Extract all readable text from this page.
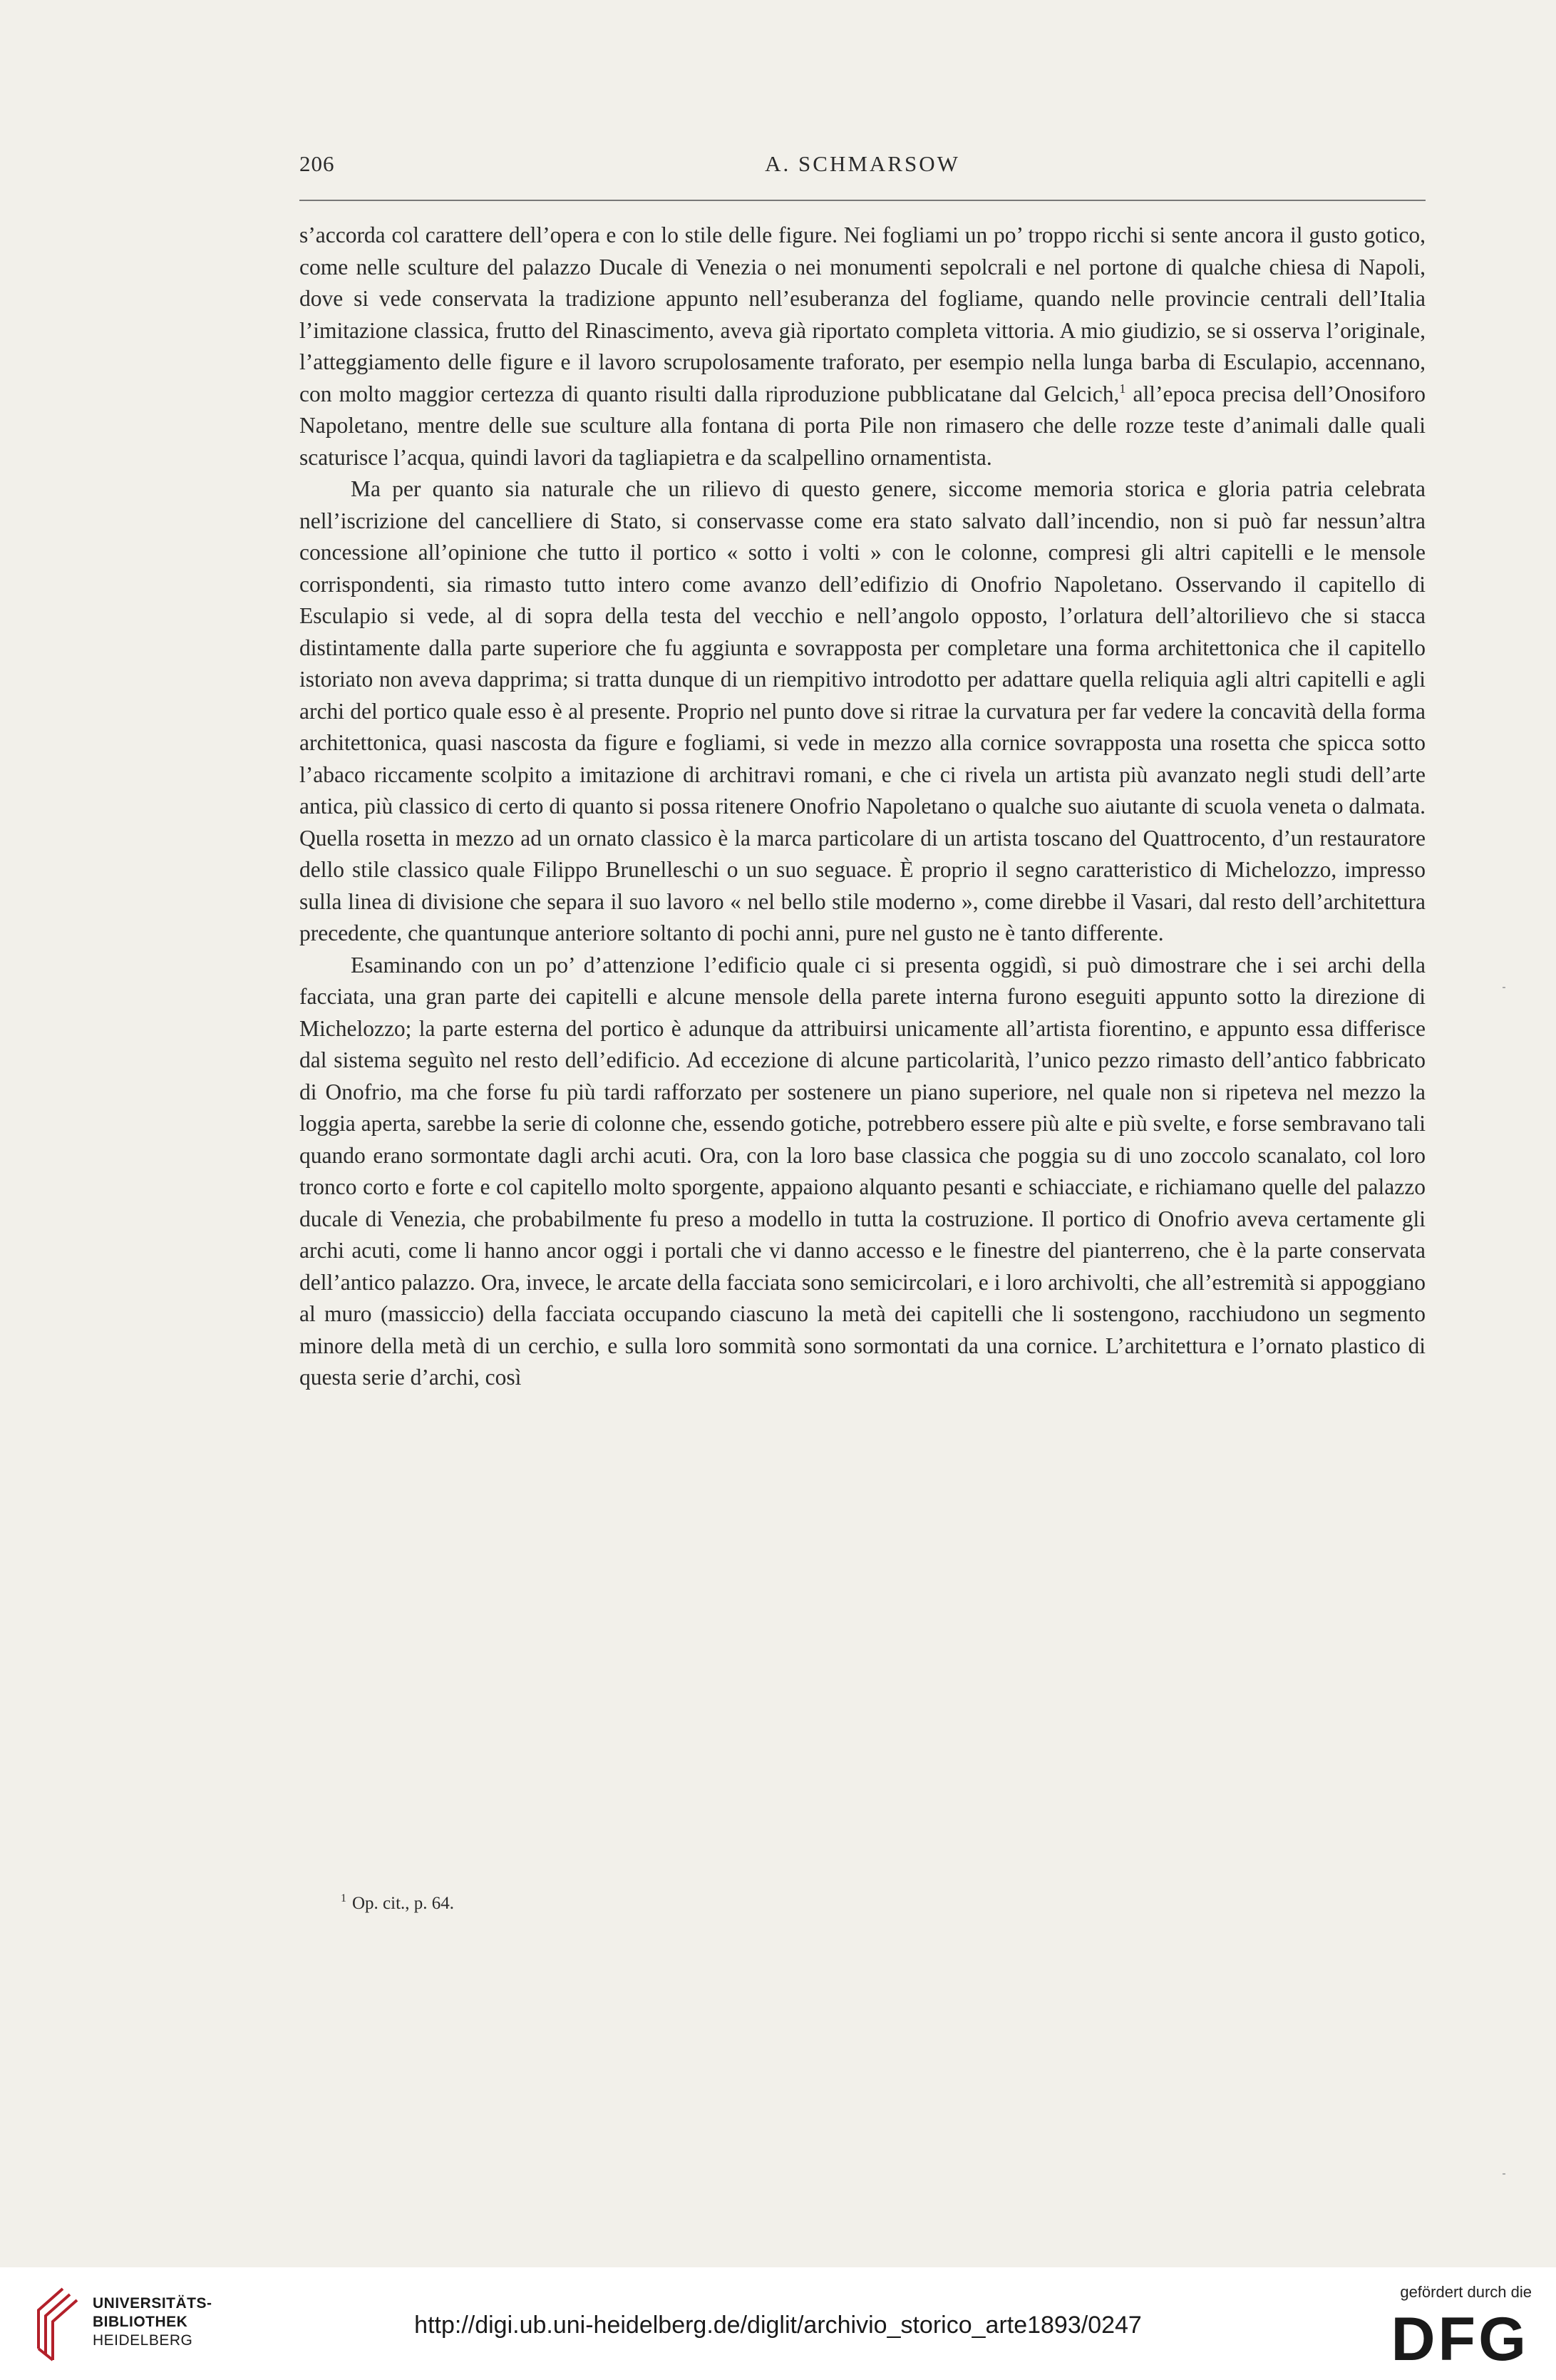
206	A. SCHMARSOW

s’accorda col carattere dell’opera e con lo stile delle figure. Nei fogliami un po’ troppo ricchi si sente ancora il gusto gotico, come nelle sculture del palazzo Ducale di Venezia o nei monumenti sepolcrali e nel portone di qualche chiesa di Napoli, dove si vede conservata la tradizione appunto nell’esuberanza del fogliame, quando nelle provincie centrali dell’Italia l’imitazione classica, frutto del Rinascimento, aveva già riportato completa vittoria. A mio giudizio, se si osserva l’originale, l’atteggiamento delle figure e il lavoro scrupolosamente traforato, per esempio nella lunga barba di Esculapio, accennano, con molto maggior certezza di quanto risulti dalla riproduzione pubblicatane dal Gelcich,$^1$ all’epoca precisa dell’Onosiforo Napoletano, mentre delle sue sculture alla fontana di porta Pile non rimasero che delle rozze teste d’animali dalle quali scaturisce l’acqua, quindi lavori da tagliapietra e da scalpellino ornamentista.

Ma per quanto sia naturale che un rilievo di questo genere, siccome memoria storica e gloria patria celebrata nell’iscrizione del cancelliere di Stato, si conservasse come era stato salvato dall’incendio, non si può far nessun’altra concessione all’opinione che tutto il portico « sotto i volti » con le colonne, compresi gli altri capitelli e le mensole corrispondenti, sia rimasto tutto intero come avanzo dell’edifizio di Onofrio Napoletano. Osservando il capitello di Esculapio si vede, al di sopra della testa del vecchio e nell’angolo opposto, l’orlatura dell’altorilievo che si stacca distintamente dalla parte superiore che fu aggiunta e sovrapposta per completare una forma architettonica che il capitello istoriato non aveva dapprima; si tratta dunque di un riempitivo introdotto per adattare quella reliquia agli altri capitelli e agli archi del portico quale esso è al presente. Proprio nel punto dove si ritrae la curvatura per far vedere la concavità della forma architettonica, quasi nascosta da figure e fogliami, si vede in mezzo alla cornice sovrapposta una rosetta che spicca sotto l’abaco riccamente scolpito a imitazione di architravi romani, e che ci rivela un artista più avanzato negli studi dell’arte antica, più classico di certo di quanto si possa ritenere Onofrio Napoletano o qualche suo aiutante di scuola veneta o dalmata. Quella rosetta in mezzo ad un ornato classico è la marca particolare di un artista toscano del Quattrocento, d’un restauratore dello stile classico quale Filippo Brunelleschi o un suo seguace. È proprio il segno caratteristico di Michelozzo, impresso sulla linea di divisione che separa il suo lavoro « nel bello stile moderno », come direbbe il Vasari, dal resto dell’architettura precedente, che quantunque anteriore soltanto di pochi anni, pure nel gusto ne è tanto differente.

Esaminando con un po’ d’attenzione l’edificio quale ci si presenta oggidì, si può dimostrare che i sei archi della facciata, una gran parte dei capitelli e alcune mensole della parete interna furono eseguiti appunto sotto la direzione di Michelozzo; la parte esterna del portico è adunque da attribuirsi unicamente all’artista fiorentino, e appunto essa differisce dal sistema seguìto nel resto dell’edificio. Ad eccezione di alcune particolarità, l’unico pezzo rimasto dell’antico fabbricato di Onofrio, ma che forse fu più tardi rafforzato per sostenere un piano superiore, nel quale non si ripeteva nel mezzo la loggia aperta, sarebbe la serie di colonne che, essendo gotiche, potrebbero essere più alte e più svelte, e forse sembravano tali quando erano sormontate dagli archi acuti. Ora, con la loro base classica che poggia su di uno zoccolo scanalato, col loro tronco corto e forte e col capitello molto sporgente, appaiono alquanto pesanti e schiacciate, e richiamano quelle del palazzo ducale di Venezia, che probabilmente fu preso a modello in tutta la costruzione. Il portico di Onofrio aveva certamente gli archi acuti, come li hanno ancor oggi i portali che vi danno accesso e le finestre del pianterreno, che è la parte conservata dell’antico palazzo. Ora, invece, le arcate della facciata sono semicircolari, e i loro archivolti, che all’estremità si appoggiano al muro (massiccio) della facciata occupando ciascuno la metà dei capitelli che li sostengono, racchiudono un segmento minore della metà di un cerchio, e sulla loro sommità sono sormontati da una cornice. L’architettura e l’ornato plastico di questa serie d’archi, così

$^1$ Op. cit., p. 64.
UNIVERSITÄTS-
BIBLIOTHEK
HEIDELBERG
http://digi.ub.uni-heidelberg.de/diglit/archivio_storico_arte1893/0247
gefördert durch die
DFG
